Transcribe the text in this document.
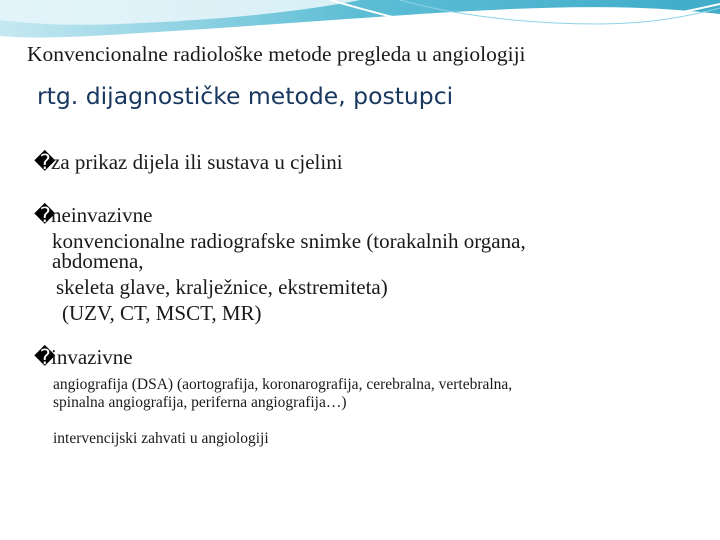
Konvencionalne radiološke metode pregleda u angiologiji
rtg. dijagnostičke metode, postupci
�za prikaz dijela ili sustava u cjelini
�neinvazivne
konvencionalne radiografske snimke (torakalnih organa,
abdomena,
skeleta glave, kralježnice, ekstremiteta)
(UZV, CT, MSCT, MR)
�invazivne
angiografija (DSA) (aortografija, koronarografija, cerebralna, vertebralna,
spinalna angiografija, periferna angiografija…)
intervencijski zahvati u angiologiji
